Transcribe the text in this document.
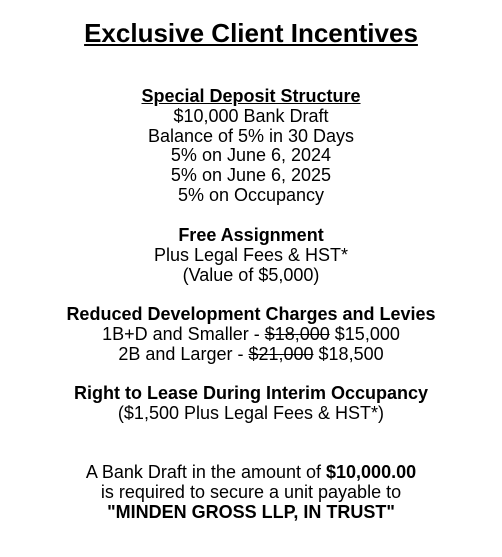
Exclusive Client Incentives
Special Deposit Structure
$10,000 Bank Draft
Balance of 5% in 30 Days
5% on June 6, 2024
5% on June 6, 2025
5% on Occupancy
Free Assignment
Plus Legal Fees & HST*
(Value of $5,000)
Reduced Development Charges and Levies
1B+D and Smaller - $18,000 $15,000
2B and Larger - $21,000 $18,500
Right to Lease During Interim Occupancy
($1,500 Plus Legal Fees & HST*)
A Bank Draft in the amount of $10,000.00
is required to secure a unit payable to
"MINDEN GROSS LLP, IN TRUST"
